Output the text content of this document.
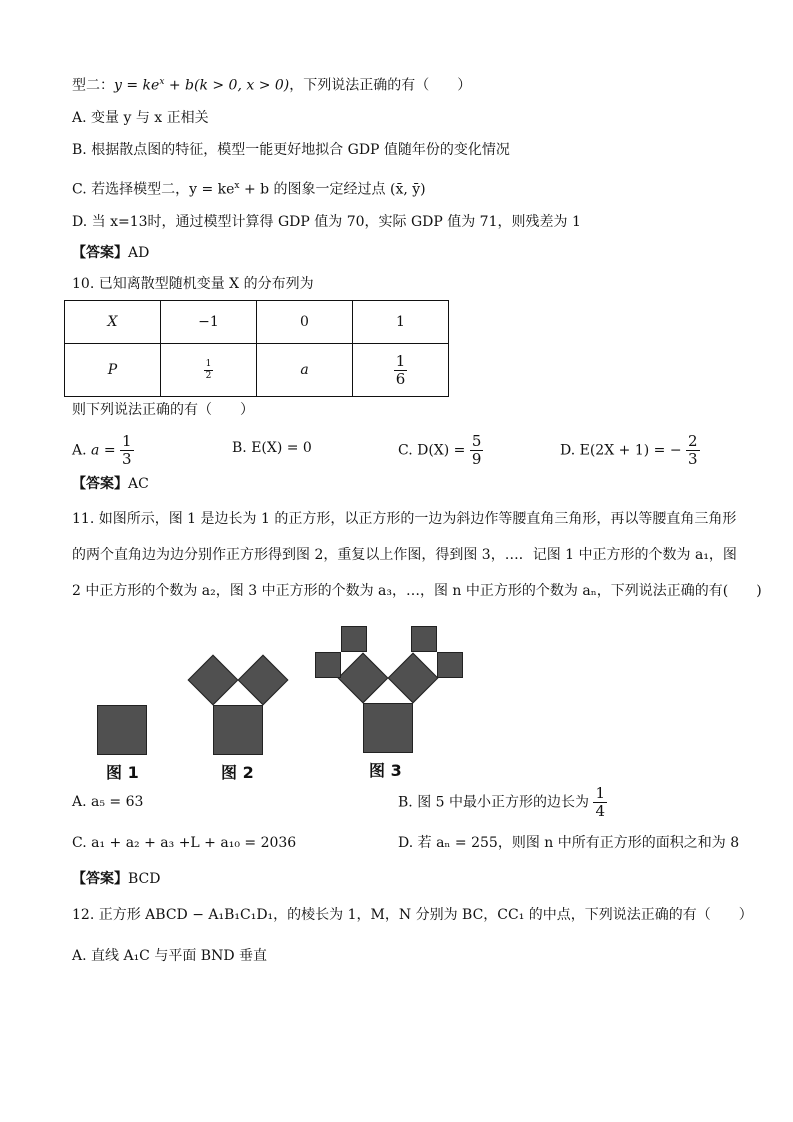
型二：$y = ke^x + b(k > 0$, x > 0)，下列说法正确的有（　　）
A. 变量 y 与 x 正相关
B. 根据散点图的特征，模型一能更好地拟合 GDP 值随年份的变化情况
C. 若选择模型二，$y = ke^x + b$ 的图象一定经过点 (x̄, ȳ)
D. 当 x=13时，通过模型计算得 GDP 值为 70，实际 GDP 值为 71，则残差为 1
【答案】AD
10. 已知离散型随机变量 X 的分布列为
X	−1	0	1
P	$\frac{1}{2}$	a	$\frac{1}{6}$
则下列说法正确的有（　　）
A. $a = \frac{1}{3}$	B. E(X) = 0	C. $D(X) = \frac{5}{9}$	D. E(2X + 1) = − $\frac{2}{3}$
【答案】AC
11. 如图所示，图 1 是边长为 1 的正方形，以正方形的一边为斜边作等腰直角三角形，再以等腰直角三角形
的两个直角边为边分别作正方形得到图 2，重复以上作图，得到图 3，…．记图 1 中正方形的个数为 a₁，图
2 中正方形的个数为 a₂，图 3 中正方形的个数为 a₃，…，图 n 中正方形的个数为 aₙ，下列说法正确的有(　　)
图 1	图 2	图 3
A. a₅ = 63	B. 图 5 中最小正方形的边长为 $\frac{1}{4}$
C. a₁ + a₂ + a₃ +L + a₁₀ = 2036	D. 若 aₙ = 255，则图 n 中所有正方形的面积之和为 8
【答案】BCD
12. 正方形 ABCD − A₁B₁C₁D₁，的棱长为 1，M，N 分别为 BC，CC₁ 的中点，下列说法正确的有（　　）
A. 直线 A₁C 与平面 BND 垂直
